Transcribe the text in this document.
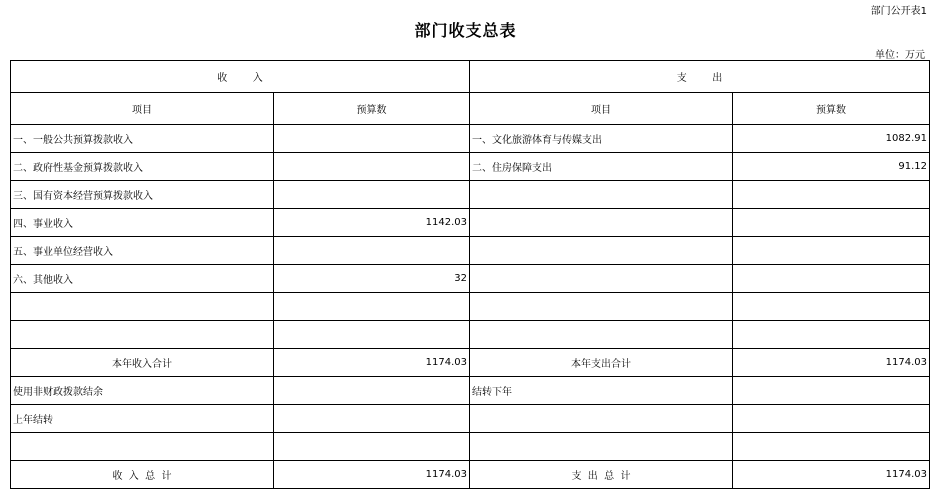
部门公开表1
部门收支总表
单位：万元
收        入		支        出	
项目	预算数	项目	预算数
一、一般公共预算拨款收入		一、文化旅游体育与传媒支出	1082.91
二、政府性基金预算拨款收入		二、住房保障支出	91.12
三、国有资本经营预算拨款收入			
四、事业收入	1142.03		
五、事业单位经营收入			
六、其他收入	32		

本年收入合计	1174.03	本年支出合计	1174.03
使用非财政拨款结余		结转下年	
上年结转			

收  入  总  计	1174.03	支  出  总  计	1174.03
